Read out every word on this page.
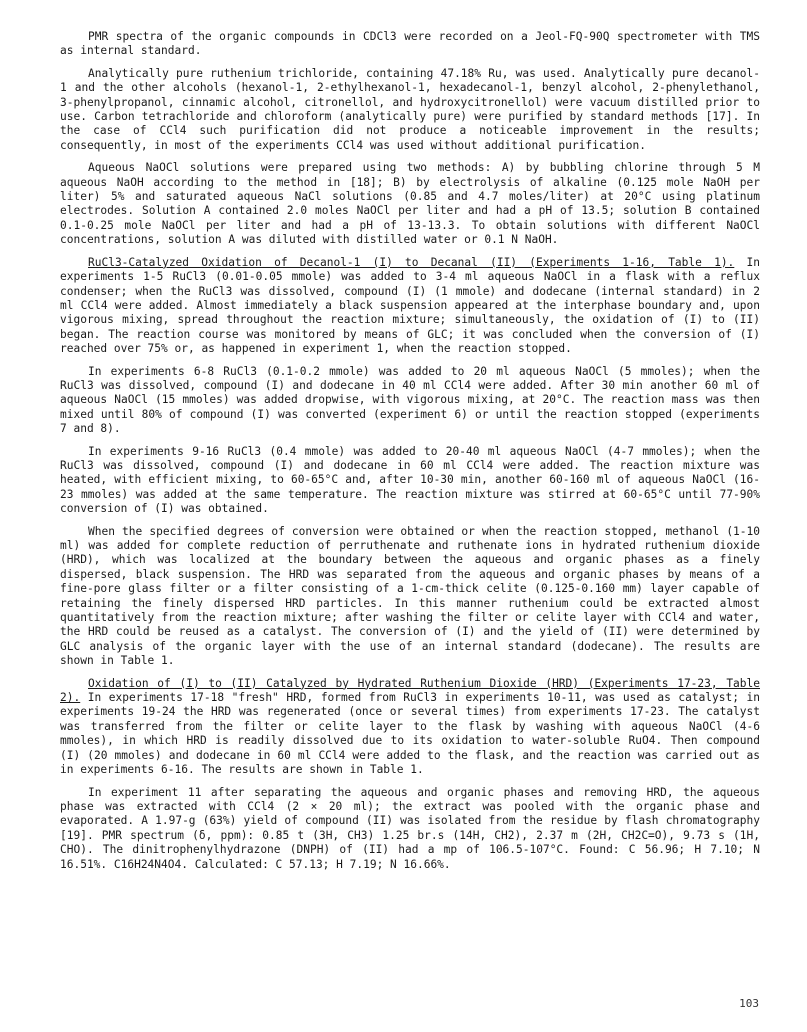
PMR spectra of the organic compounds in CDCl3 were recorded on a Jeol-FQ-90Q spectrometer with TMS as internal standard.

Analytically pure ruthenium trichloride, containing 47.18% Ru, was used. Analytically pure decanol-1 and the other alcohols (hexanol-1, 2-ethylhexanol-1, hexadecanol-1, benzyl alcohol, 2-phenylethanol, 3-phenylpropanol, cinnamic alcohol, citronellol, and hydroxycitronellol) were vacuum distilled prior to use. Carbon tetrachloride and chloroform (analytically pure) were purified by standard methods [17]. In the case of CCl4 such purification did not produce a noticeable improvement in the results; consequently, in most of the experiments CCl4 was used without additional purification.

Aqueous NaOCl solutions were prepared using two methods: A) by bubbling chlorine through 5 M aqueous NaOH according to the method in [18]; B) by electrolysis of alkaline (0.125 mole NaOH per liter) 5% and saturated aqueous NaCl solutions (0.85 and 4.7 moles/liter) at 20°C using platinum electrodes. Solution A contained 2.0 moles NaOCl per liter and had a pH of 13.5; solution B contained 0.1-0.25 mole NaOCl per liter and had a pH of 13-13.3. To obtain solutions with different NaOCl concentrations, solution A was diluted with distilled water or 0.1 N NaOH.

RuCl3-Catalyzed Oxidation of Decanol-1 (I) to Decanal (II) (Experiments 1-16, Table 1). In experiments 1-5 RuCl3 (0.01-0.05 mmole) was added to 3-4 ml aqueous NaOCl in a flask with a reflux condenser; when the RuCl3 was dissolved, compound (I) (1 mmole) and dodecane (internal standard) in 2 ml CCl4 were added. Almost immediately a black suspension appeared at the interphase boundary and, upon vigorous mixing, spread throughout the reaction mixture; simultaneously, the oxidation of (I) to (II) began. The reaction course was monitored by means of GLC; it was concluded when the conversion of (I) reached over 75% or, as happened in experiment 1, when the reaction stopped.

In experiments 6-8 RuCl3 (0.1-0.2 mmole) was added to 20 ml aqueous NaOCl (5 mmoles); when the RuCl3 was dissolved, compound (I) and dodecane in 40 ml CCl4 were added. After 30 min another 60 ml of aqueous NaOCl (15 mmoles) was added dropwise, with vigorous mixing, at 20°C. The reaction mass was then mixed until 80% of compound (I) was converted (experiment 6) or until the reaction stopped (experiments 7 and 8).

In experiments 9-16 RuCl3 (0.4 mmole) was added to 20-40 ml aqueous NaOCl (4-7 mmoles); when the RuCl3 was dissolved, compound (I) and dodecane in 60 ml CCl4 were added. The reaction mixture was heated, with efficient mixing, to 60-65°C and, after 10-30 min, another 60-160 ml of aqueous NaOCl (16-23 mmoles) was added at the same temperature. The reaction mixture was stirred at 60-65°C until 77-90% conversion of (I) was obtained.

When the specified degrees of conversion were obtained or when the reaction stopped, methanol (1-10 ml) was added for complete reduction of perruthenate and ruthenate ions in hydrated ruthenium dioxide (HRD), which was localized at the boundary between the aqueous and organic phases as a finely dispersed, black suspension. The HRD was separated from the aqueous and organic phases by means of a fine-pore glass filter or a filter consisting of a 1-cm-thick celite (0.125-0.160 mm) layer capable of retaining the finely dispersed HRD particles. In this manner ruthenium could be extracted almost quantitatively from the reaction mixture; after washing the filter or celite layer with CCl4 and water, the HRD could be reused as a catalyst. The conversion of (I) and the yield of (II) were determined by GLC analysis of the organic layer with the use of an internal standard (dodecane). The results are shown in Table 1.

Oxidation of (I) to (II) Catalyzed by Hydrated Ruthenium Dioxide (HRD) (Experiments 17-23, Table 2). In experiments 17-18 "fresh" HRD, formed from RuCl3 in experiments 10-11, was used as catalyst; in experiments 19-24 the HRD was regenerated (once or several times) from experiments 17-23. The catalyst was transferred from the filter or celite layer to the flask by washing with aqueous NaOCl (4-6 mmoles), in which HRD is readily dissolved due to its oxidation to water-soluble RuO4. Then compound (I) (20 mmoles) and dodecane in 60 ml CCl4 were added to the flask, and the reaction was carried out as in experiments 6-16. The results are shown in Table 1.

In experiment 11 after separating the aqueous and organic phases and removing HRD, the aqueous phase was extracted with CCl4 (2 × 20 ml); the extract was pooled with the organic phase and evaporated. A 1.97-g (63%) yield of compound (II) was isolated from the residue by flash chromatography [19]. PMR spectrum (δ, ppm): 0.85 t (3H, CH3) 1.25 br.s (14H, CH2), 2.37 m (2H, CH2C=O), 9.73 s (1H, CHO). The dinitrophenylhydrazone (DNPH) of (II) had a mp of 106.5-107°C. Found: C 56.96; H 7.10; N 16.51%. C16H24N4O4. Calculated: C 57.13; H 7.19; N 16.66%.

103
